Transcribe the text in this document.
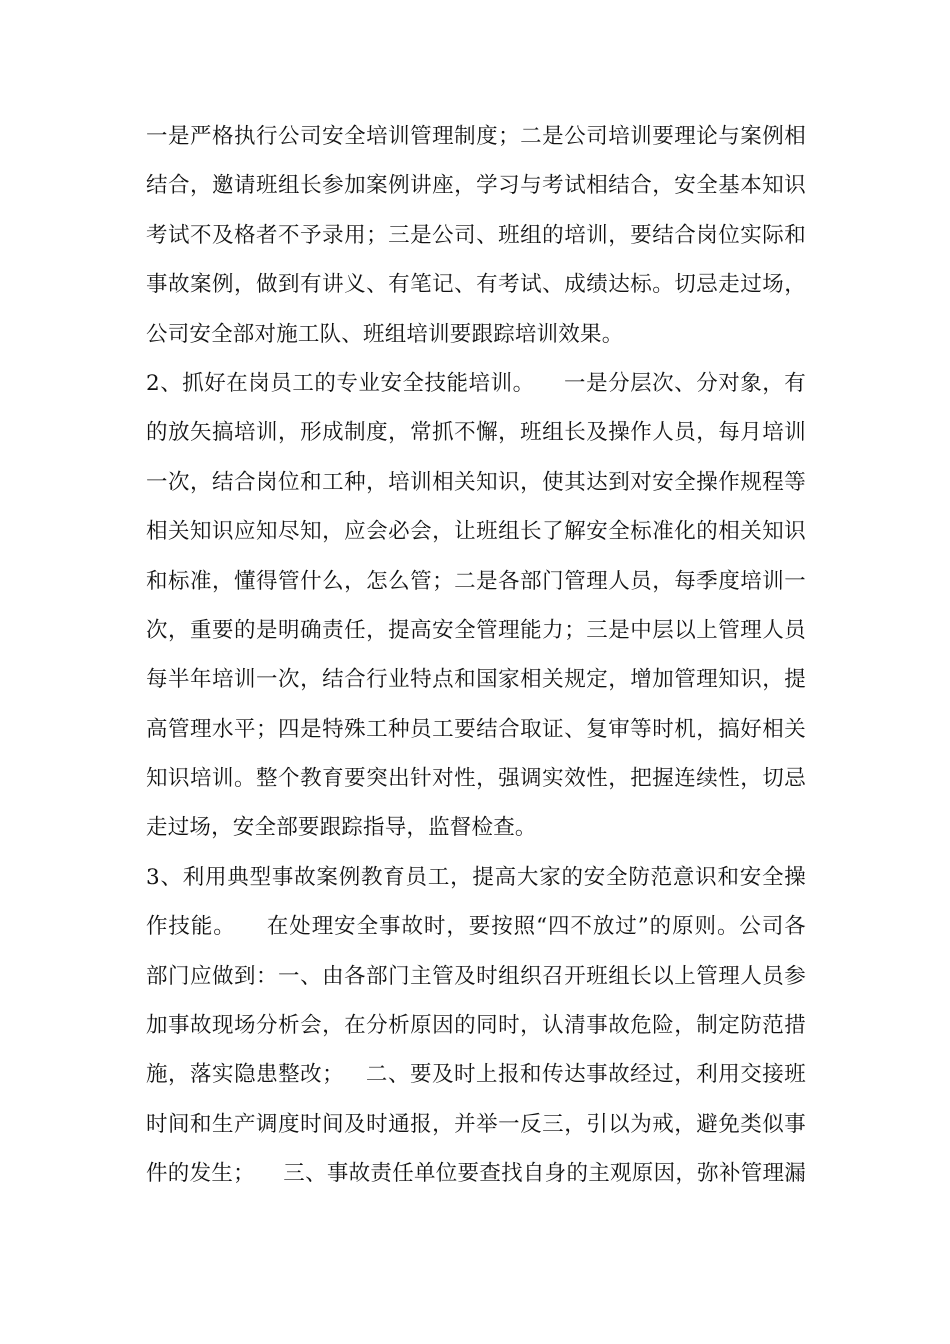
一是严格执行公司安全培训管理制度；二是公司培训要理论与案例相
结合，邀请班组长参加案例讲座，学习与考试相结合，安全基本知识
考试不及格者不予录用；三是公司、班组的培训，要结合岗位实际和
事故案例，做到有讲义、有笔记、有考试、成绩达标。切忌走过场，
公司安全部对施工队、班组培训要跟踪培训效果。
2、抓好在岗员工的专业安全技能培训。    一是分层次、分对象，有
的放矢搞培训，形成制度，常抓不懈，班组长及操作人员，每月培训
一次，结合岗位和工种，培训相关知识，使其达到对安全操作规程等
相关知识应知尽知，应会必会，让班组长了解安全标准化的相关知识
和标准，懂得管什么，怎么管；二是各部门管理人员，每季度培训一
次，重要的是明确责任，提高安全管理能力；三是中层以上管理人员
每半年培训一次，结合行业特点和国家相关规定，增加管理知识，提
高管理水平；四是特殊工种员工要结合取证、复审等时机，搞好相关
知识培训。整个教育要突出针对性，强调实效性，把握连续性，切忌
走过场，安全部要跟踪指导，监督检查。
3、利用典型事故案例教育员工，提高大家的安全防范意识和安全操
作技能。    在处理安全事故时，要按照“四不放过”的原则。公司各
部门应做到：一、由各部门主管及时组织召开班组长以上管理人员参
加事故现场分析会，在分析原因的同时，认清事故危险，制定防范措
施，落实隐患整改；   二、要及时上报和传达事故经过，利用交接班
时间和生产调度时间及时通报，并举一反三，引以为戒，避免类似事
件的发生；    三、事故责任单位要查找自身的主观原因，弥补管理漏
